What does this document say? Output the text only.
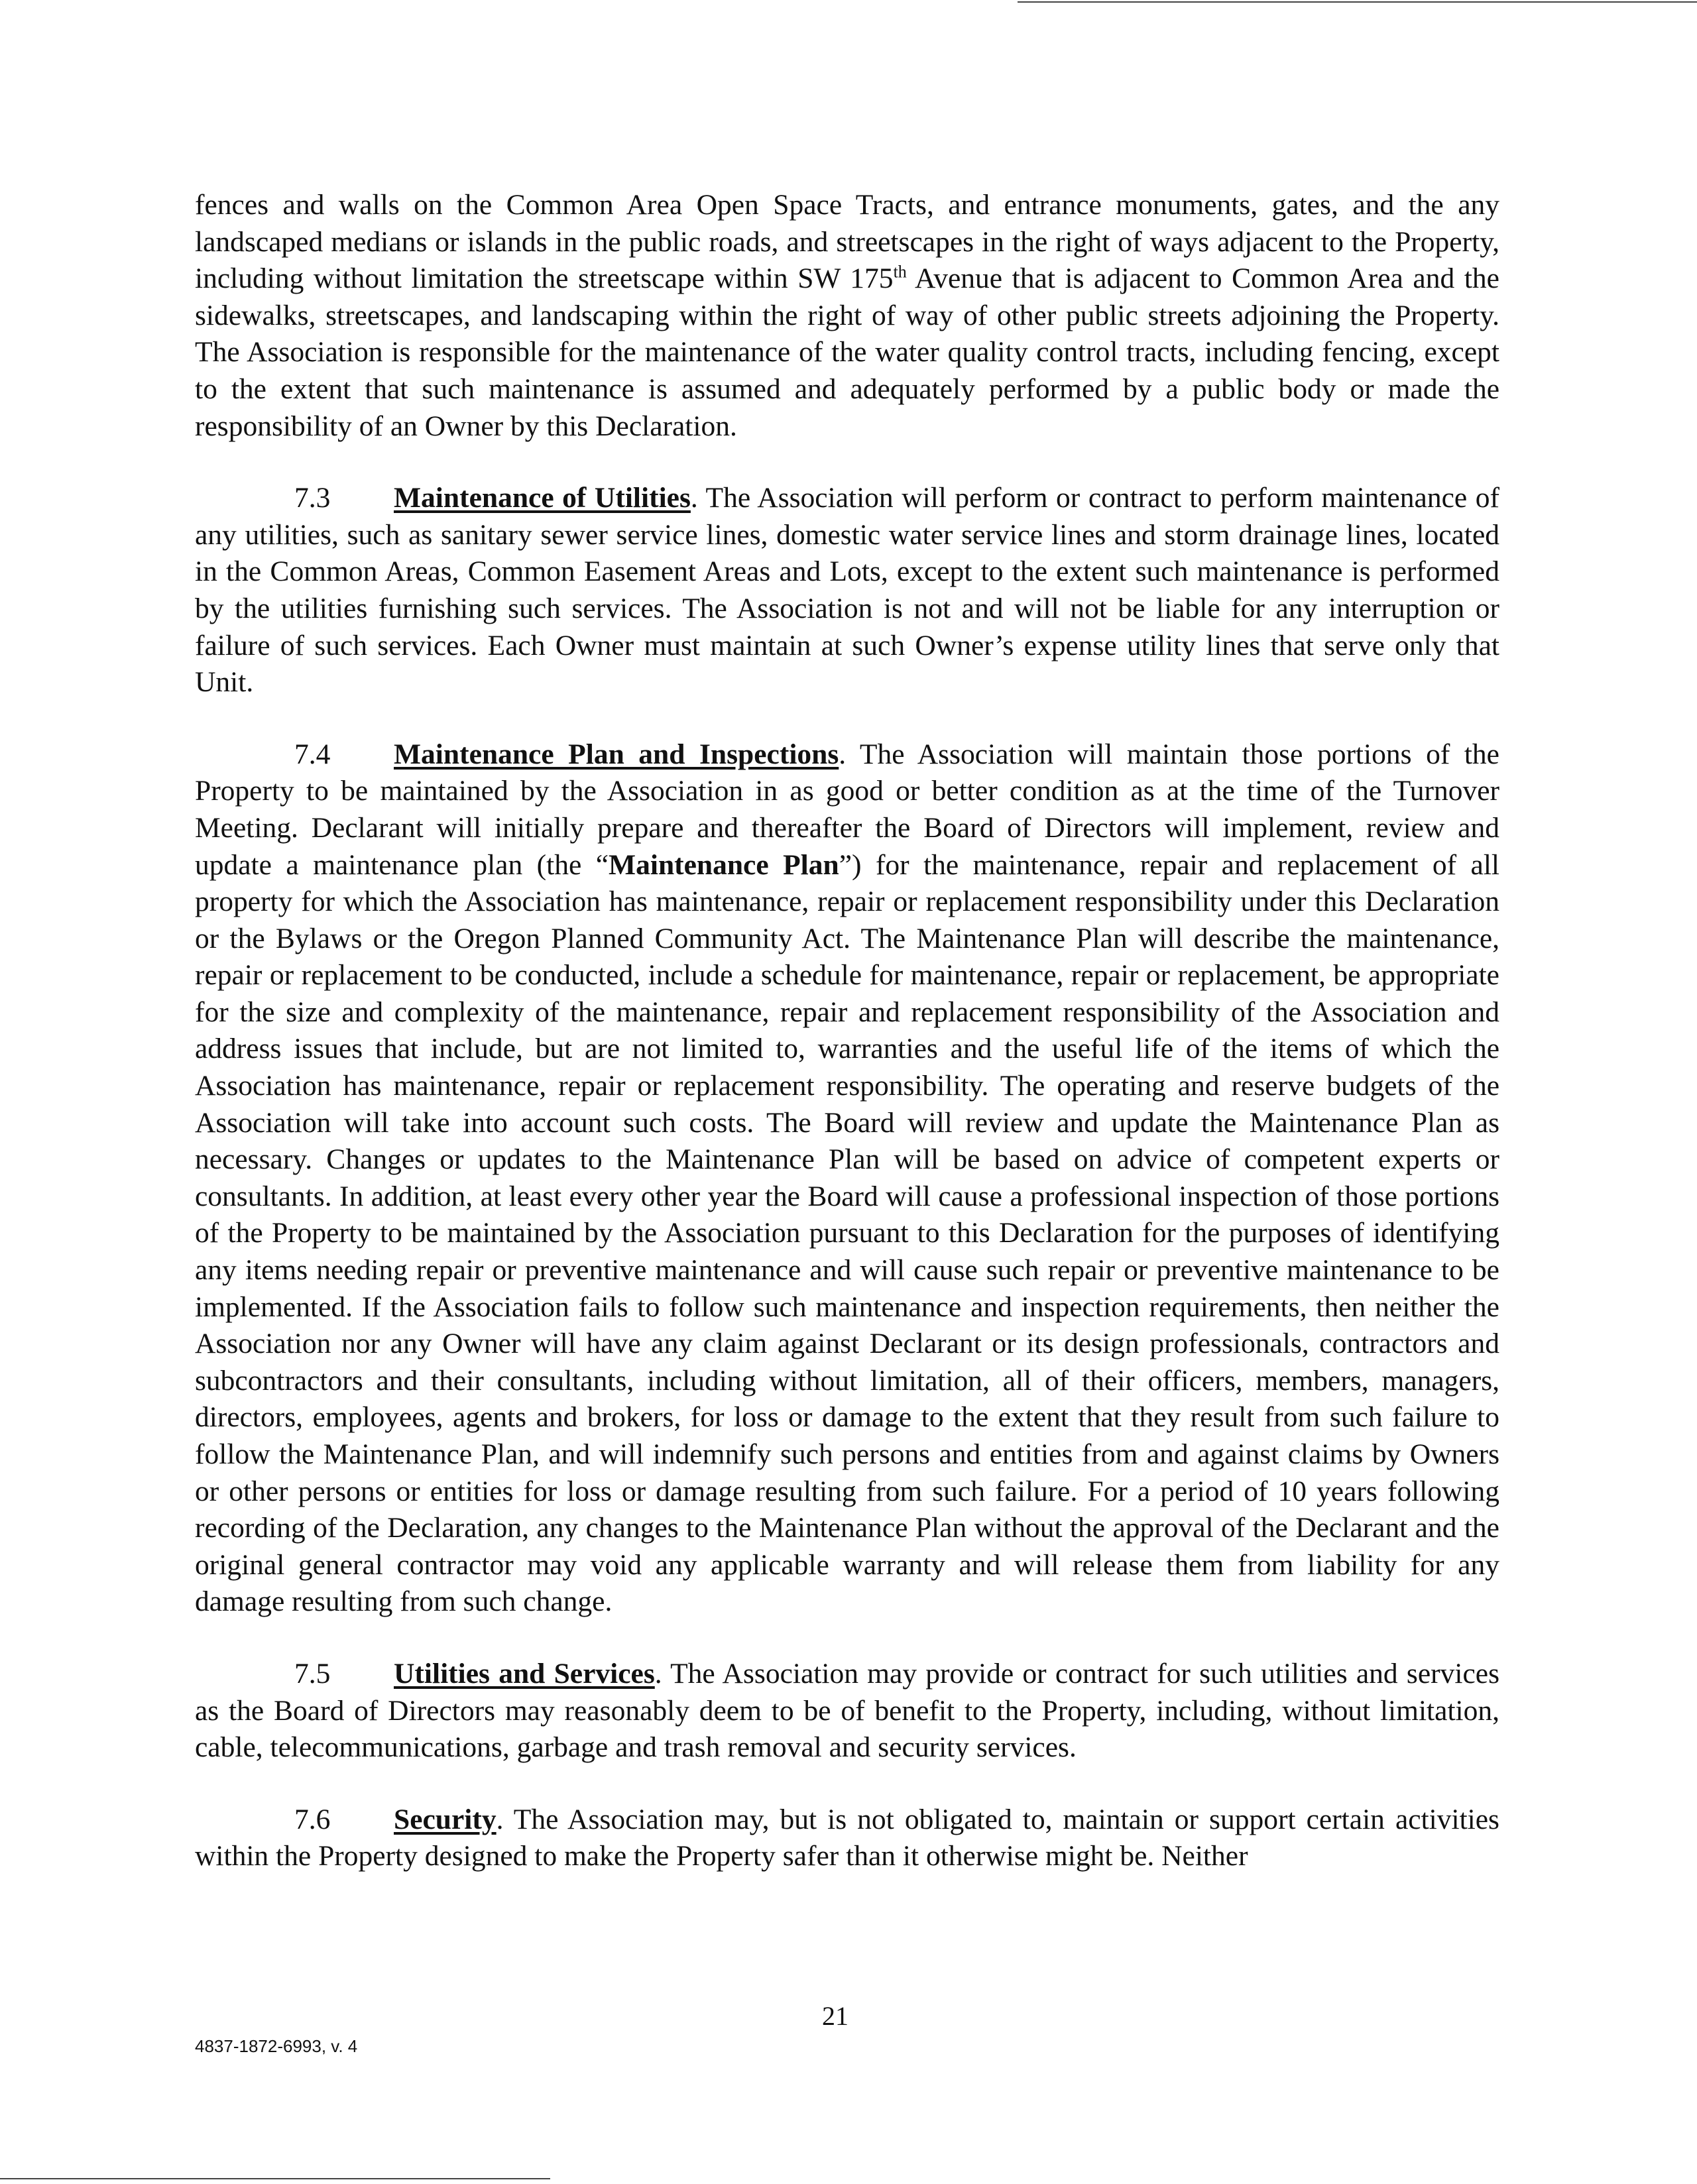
fences and walls on the Common Area Open Space Tracts, and entrance monuments, gates, and the any landscaped medians or islands in the public roads, and streetscapes in the right of ways adjacent to the Property, including without limitation the streetscape within SW 175th Avenue that is adjacent to Common Area and the sidewalks, streetscapes, and landscaping within the right of way of other public streets adjoining the Property. The Association is responsible for the maintenance of the water quality control tracts, including fencing, except to the extent that such maintenance is assumed and adequately performed by a public body or made the responsibility of an Owner by this Declaration.

7.3 Maintenance of Utilities. The Association will perform or contract to perform maintenance of any utilities, such as sanitary sewer service lines, domestic water service lines and storm drainage lines, located in the Common Areas, Common Easement Areas and Lots, except to the extent such maintenance is performed by the utilities furnishing such services. The Association is not and will not be liable for any interruption or failure of such services. Each Owner must maintain at such Owner’s expense utility lines that serve only that Unit.

7.4 Maintenance Plan and Inspections. The Association will maintain those portions of the Property to be maintained by the Association in as good or better condition as at the time of the Turnover Meeting. Declarant will initially prepare and thereafter the Board of Directors will implement, review and update a maintenance plan (the “Maintenance Plan”) for the maintenance, repair and replacement of all property for which the Association has maintenance, repair or replacement responsibility under this Declaration or the Bylaws or the Oregon Planned Community Act. The Maintenance Plan will describe the maintenance, repair or replacement to be conducted, include a schedule for maintenance, repair or replacement, be appropriate for the size and complexity of the maintenance, repair and replacement responsibility of the Association and address issues that include, but are not limited to, warranties and the useful life of the items of which the Association has maintenance, repair or replacement responsibility. The operating and reserve budgets of the Association will take into account such costs. The Board will review and update the Maintenance Plan as necessary. Changes or updates to the Maintenance Plan will be based on advice of competent experts or consultants. In addition, at least every other year the Board will cause a professional inspection of those portions of the Property to be maintained by the Association pursuant to this Declaration for the purposes of identifying any items needing repair or preventive maintenance and will cause such repair or preventive maintenance to be implemented. If the Association fails to follow such maintenance and inspection requirements, then neither the Association nor any Owner will have any claim against Declarant or its design professionals, contractors and subcontractors and their consultants, including without limitation, all of their officers, members, managers, directors, employees, agents and brokers, for loss or damage to the extent that they result from such failure to follow the Maintenance Plan, and will indemnify such persons and entities from and against claims by Owners or other persons or entities for loss or damage resulting from such failure. For a period of 10 years following recording of the Declaration, any changes to the Maintenance Plan without the approval of the Declarant and the original general contractor may void any applicable warranty and will release them from liability for any damage resulting from such change.

7.5 Utilities and Services. The Association may provide or contract for such utilities and services as the Board of Directors may reasonably deem to be of benefit to the Property, including, without limitation, cable, telecommunications, garbage and trash removal and security services.

7.6 Security. The Association may, but is not obligated to, maintain or support certain activities within the Property designed to make the Property safer than it otherwise might be. Neither

21
4837-1872-6993, v. 4
